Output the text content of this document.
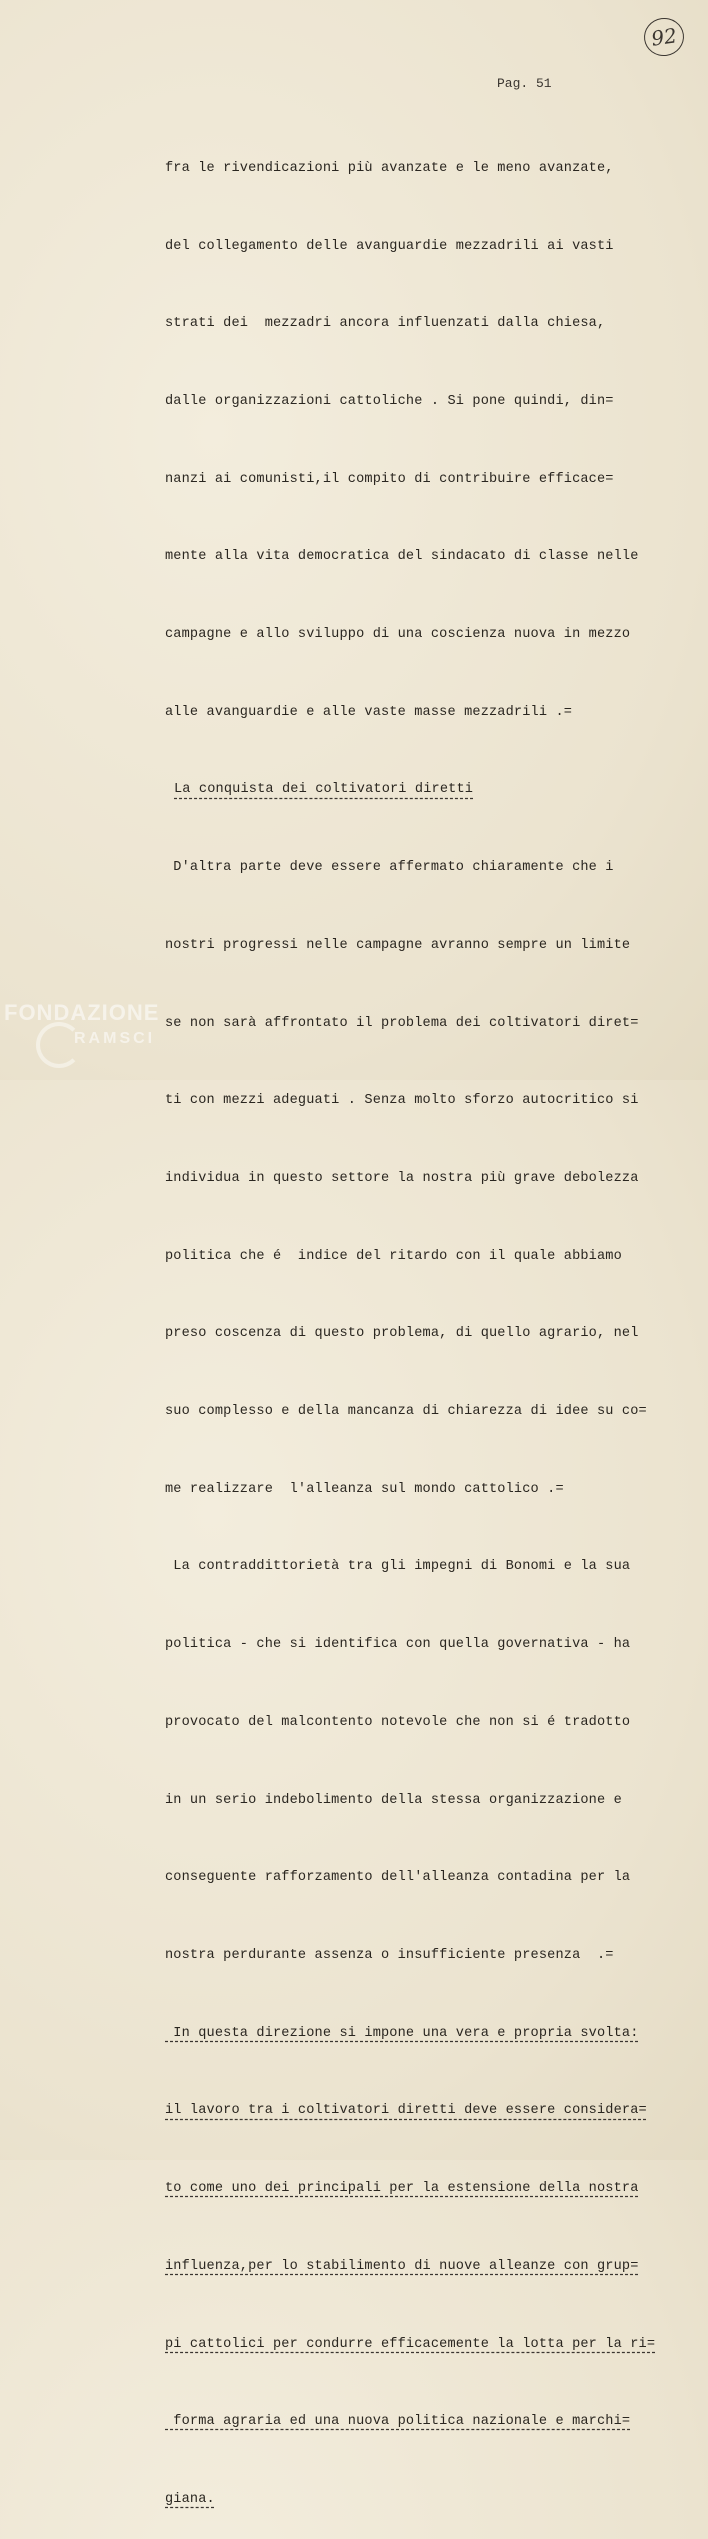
92
Pag. 51

fra le rivendicazioni più avanzate e le meno avanzate,

del collegamento delle avanguardie mezzadrili ai vasti

strati dei  mezzadri ancora influenzati dalla chiesa,

dalle organizzazioni cattoliche . Si pone quindi, din=

nanzi ai comunisti,il compito di contribuire efficace=

mente alla vita democratica del sindacato di classe nelle

campagne e allo sviluppo di una coscienza nuova in mezzo

alle avanguardie e alle vaste masse mezzadrili .=

La conquista dei coltivatori diretti

D'altra parte deve essere affermato chiaramente che i

nostri progressi nelle campagne avranno sempre un limite

se non sarà affrontato il problema dei coltivatori diret=

ti con mezzi adeguati . Senza molto sforzo autocritico si

individua in questo settore la nostra più grave debolezza

politica che é  indice del ritardo con il quale abbiamo

preso coscenza di questo problema, di quello agrario, nel

suo complesso e della mancanza di chiarezza di idee su co=

me realizzare  l'alleanza sul mondo cattolico .=

La contraddittorietà tra gli impegni di Bonomi e la sua

politica - che si identifica con quella governativa - ha

provocato del malcontento notevole che non si é tradotto

in un serio indebolimento della stessa organizzazione e

conseguente rafforzamento dell'alleanza contadina per la

nostra perdurante assenza o insufficiente presenza  .=

In questa direzione si impone una vera e propria svolta:

il lavoro tra i coltivatori diretti deve essere considera=

to come uno dei principali per la estensione della nostra

influenza,per lo stabilimento di nuove alleanze con grup=

pi cattolici per condurre efficacemente la lotta per la ri=

forma agraria ed una nuova politica nazionale e marchi=

giana.

FONDAZIONE
RAMSCI
